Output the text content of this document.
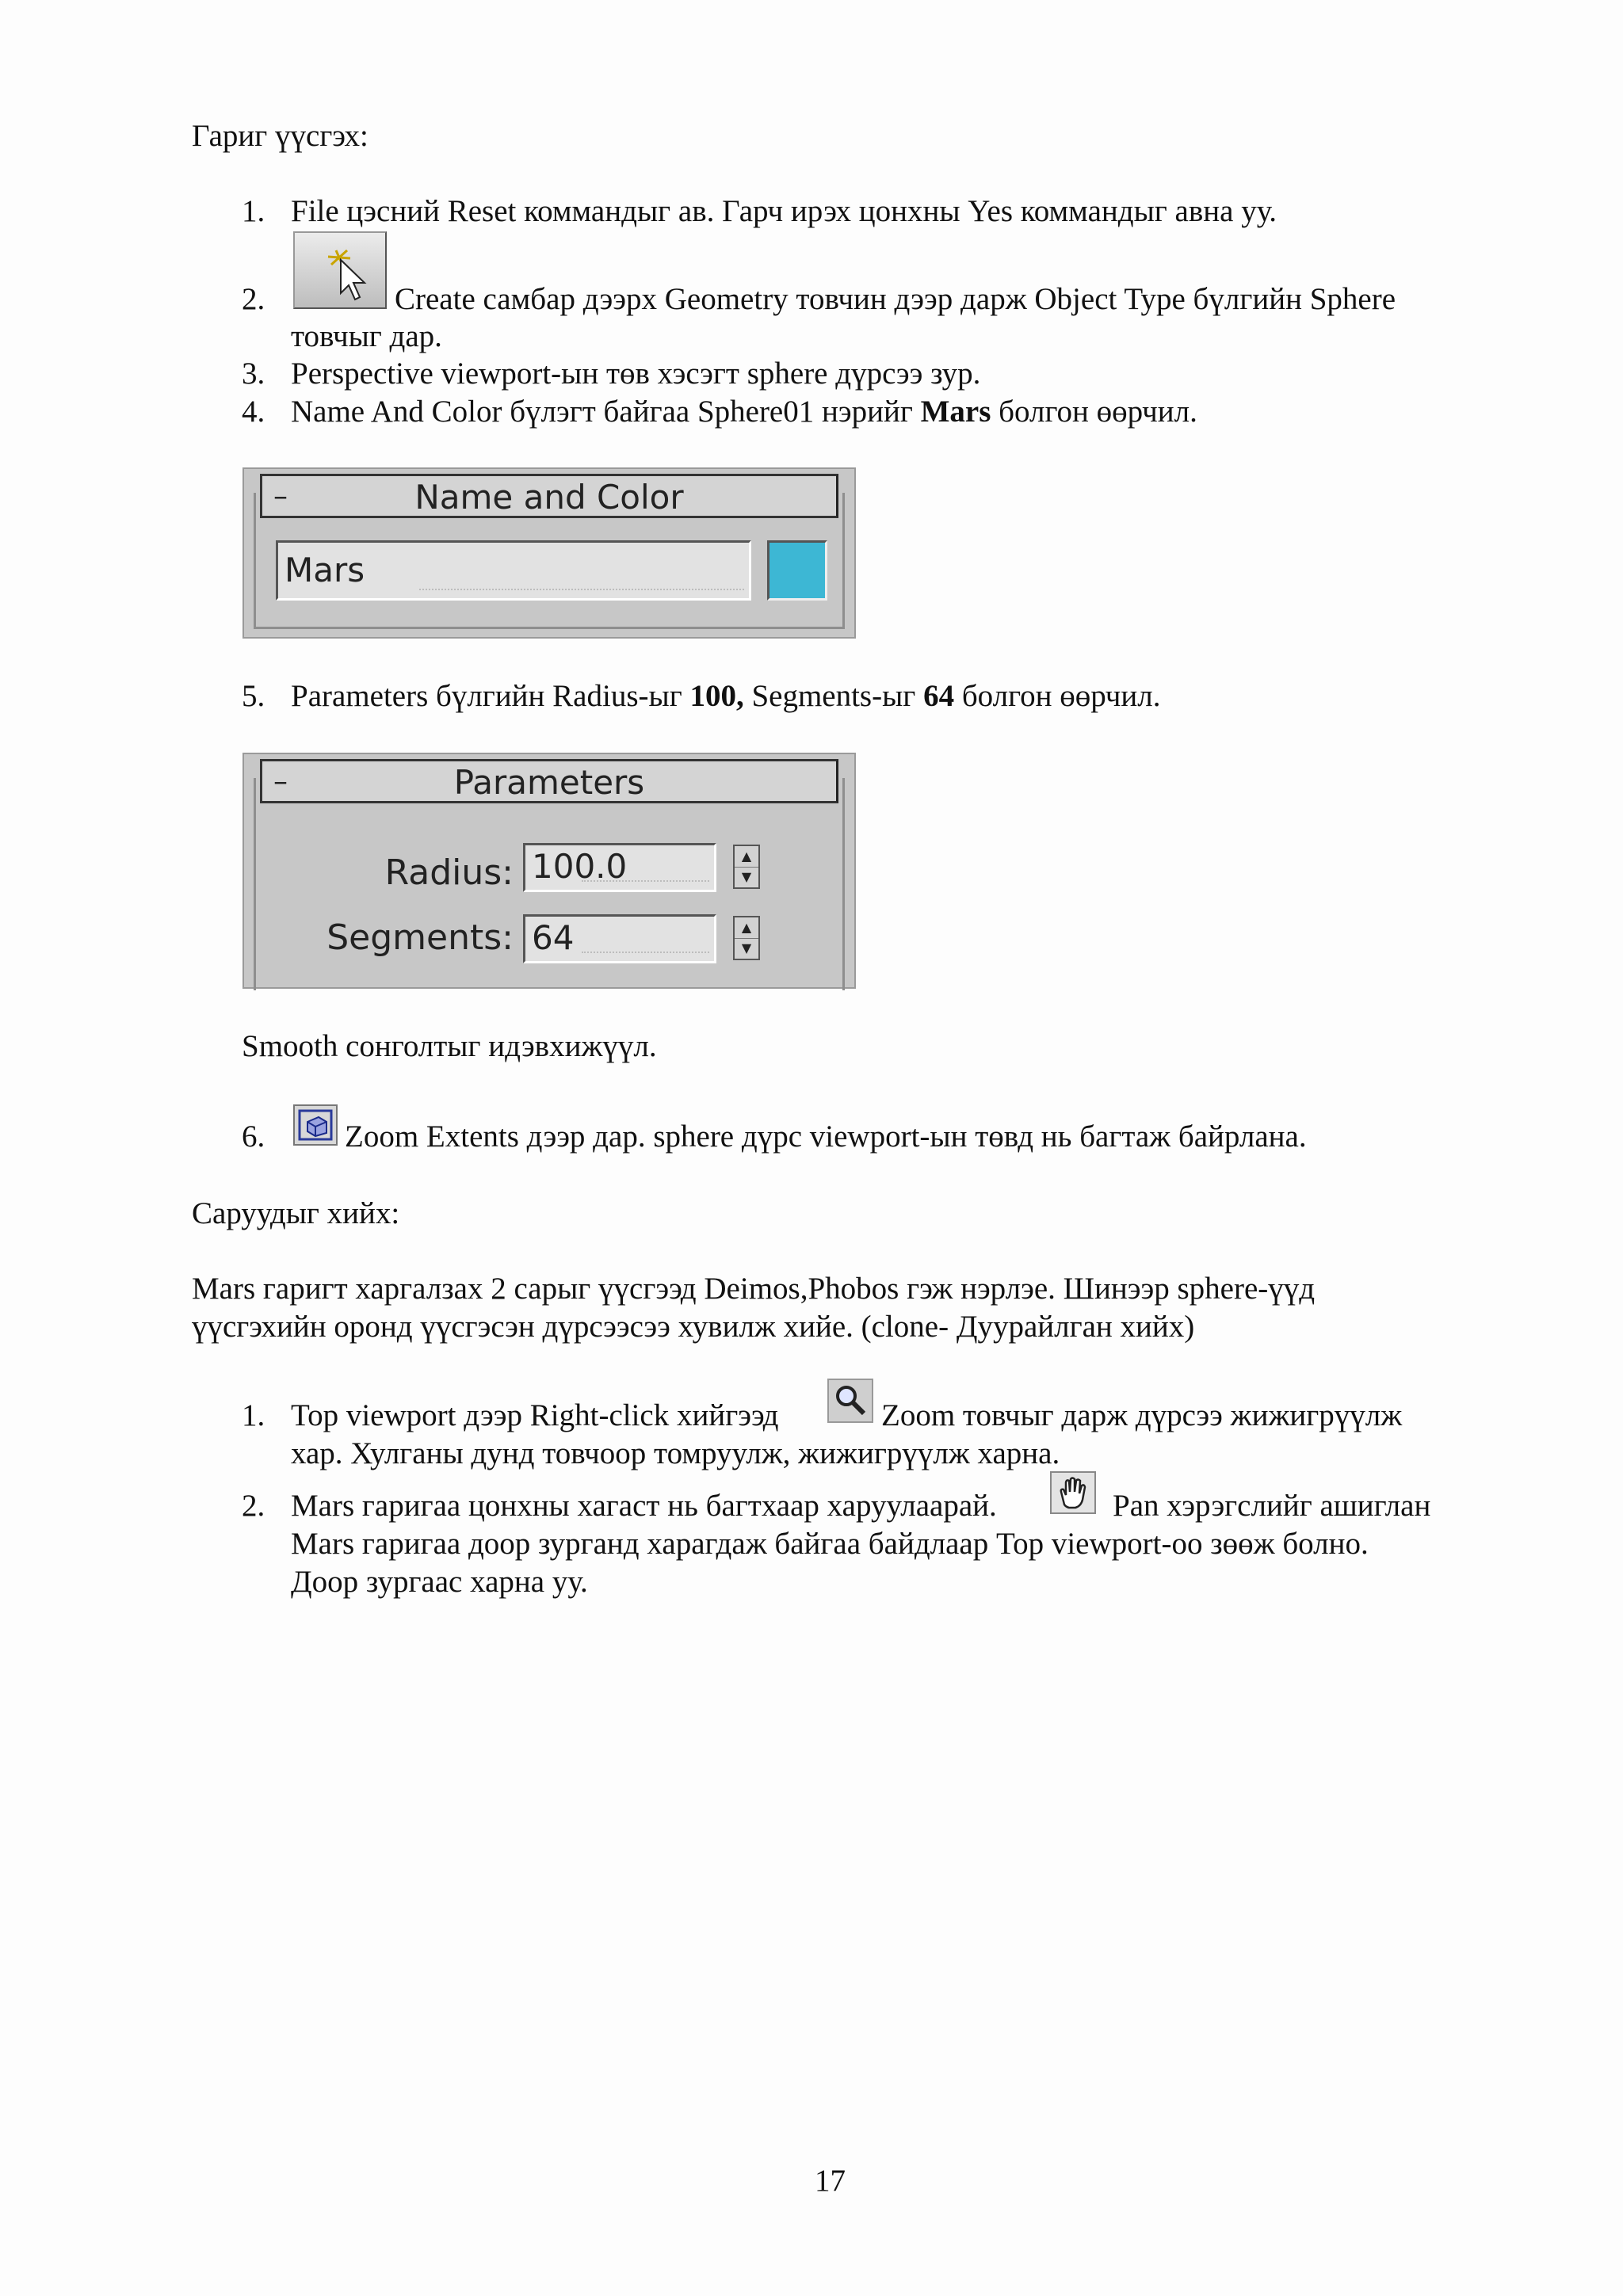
Гариг үүсгэх:
1. File цэсний Reset коммандыг ав. Гарч ирэх цонхны Yes коммандыг авна уу.
2.	Create самбар дээрх Geometry товчин дээр дарж Object Type бүлгийн Sphere
товчыг дар.
3. Perspective viewport-ын төв хэсэгт sphere дүрсээ зур.
4. Name And Color бүлэгт байгаа Sphere01 нэрийг Mars болгон өөрчил.
–	Name and Color
Mars
5. Parameters бүлгийн Radius-ыг 100, Segments-ыг 64 болгон өөрчил.
–	Parameters
Radius: 100.0	▲
▼
Segments: 64	▲
▼
Smooth сонголтыг идэвхижүүл.
6.	Zoom Extents дээр дар. sphere дүрс viewport-ын төвд нь багтаж байрлана.
Саруудыг хийх:
Mars гаригт харгалзах 2 сарыг үүсгээд Deimos,Phobos гэж нэрлэе. Шинээр sphere-үүд
үүсгэхийн оронд үүсгэсэн дүрсээсээ хувилж хийе. (clone- Дуурайлган хийх)
1. Top viewport дээр Right-click хийгээд	Zoom товчыг дарж дүрсээ жижигрүүлж
хар. Хулганы дунд товчоор томруулж, жижигрүүлж харна.
2. Mars гаригаа цонхны хагаст нь багтхаар харуулаарай.	Pan хэрэгслийг ашиглан
Mars гаригаа доор зурганд харагдаж байгаа байдлаар Top viewport-оо зөөж болно.
Доор зургаас харна уу.
17
